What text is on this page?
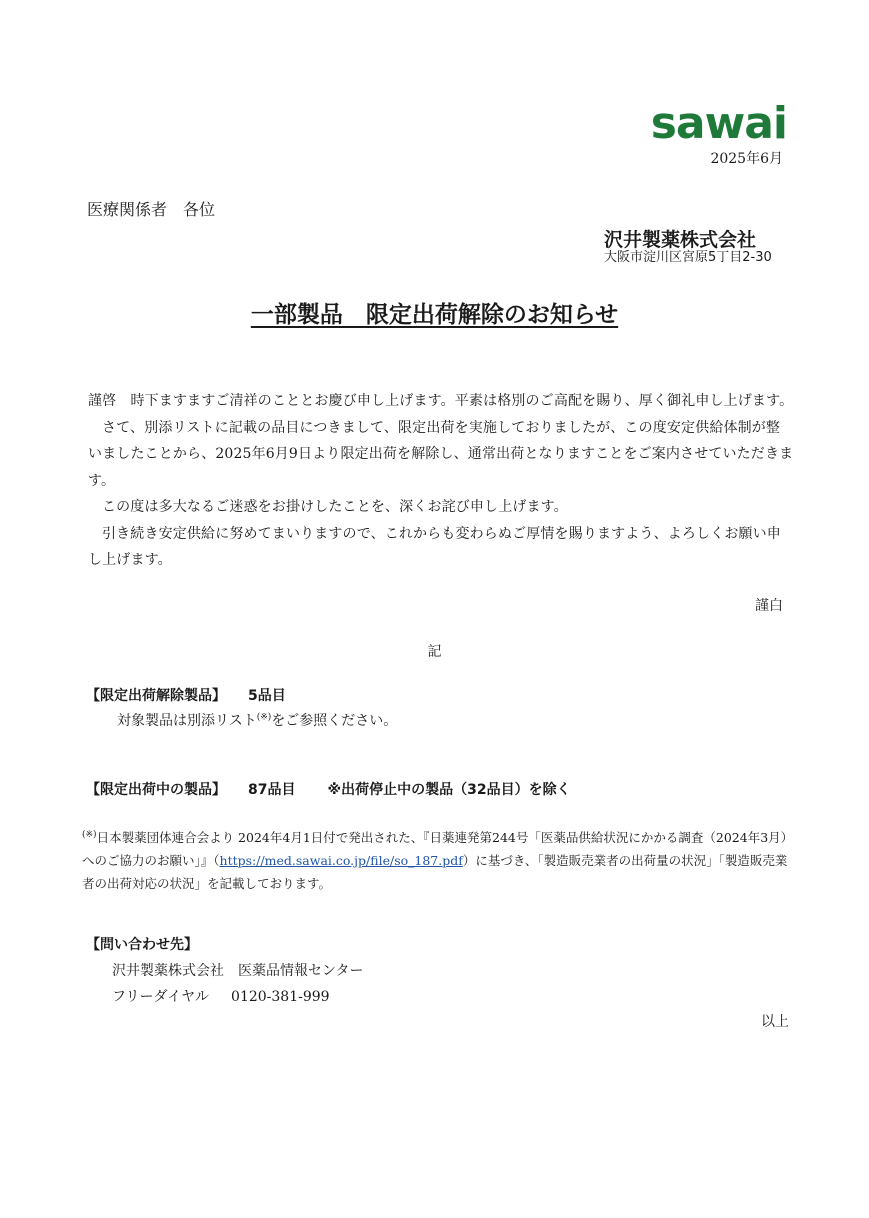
sawai
2025年6月
医療関係者　各位
沢井製薬株式会社
大阪市淀川区宮原5丁目2-30
一部製品　限定出荷解除のお知らせ

謹啓　時下ますますご清祥のこととお慶び申し上げます。平素は格別のご高配を賜り、厚く御礼申し上げます。

さて、別添リストに記載の品目につきまして、限定出荷を実施しておりましたが、この度安定供給体制が整いましたことから、2025年6月9日より限定出荷を解除し、通常出荷となりますことをご案内させていただきます。

この度は多大なるご迷惑をお掛けしたことを、深くお詫び申し上げます。

引き続き安定供給に努めてまいりますので、これからも変わらぬご厚情を賜りますよう、よろしくお願い申し上げます。

謹白
記
【限定出荷解除製品】 5品目
対象製品は別添リスト(※)をご参照ください。
【限定出荷中の製品】 87品目 ※出荷停止中の製品（32品目）を除く
(※)日本製薬団体連合会より 2024年4月1日付で発出された、『日薬連発第244号「医薬品供給状況にかかる調査（2024年3月）へのご協力のお願い」』（https://med.sawai.co.jp/file/so_187.pdf）に基づき、「製造販売業者の出荷量の状況」「製造販売業者の出荷対応の状況」を記載しております。
【問い合わせ先】
沢井製薬株式会社　医薬品情報センター
フリーダイヤル 0120-381-999
以上
